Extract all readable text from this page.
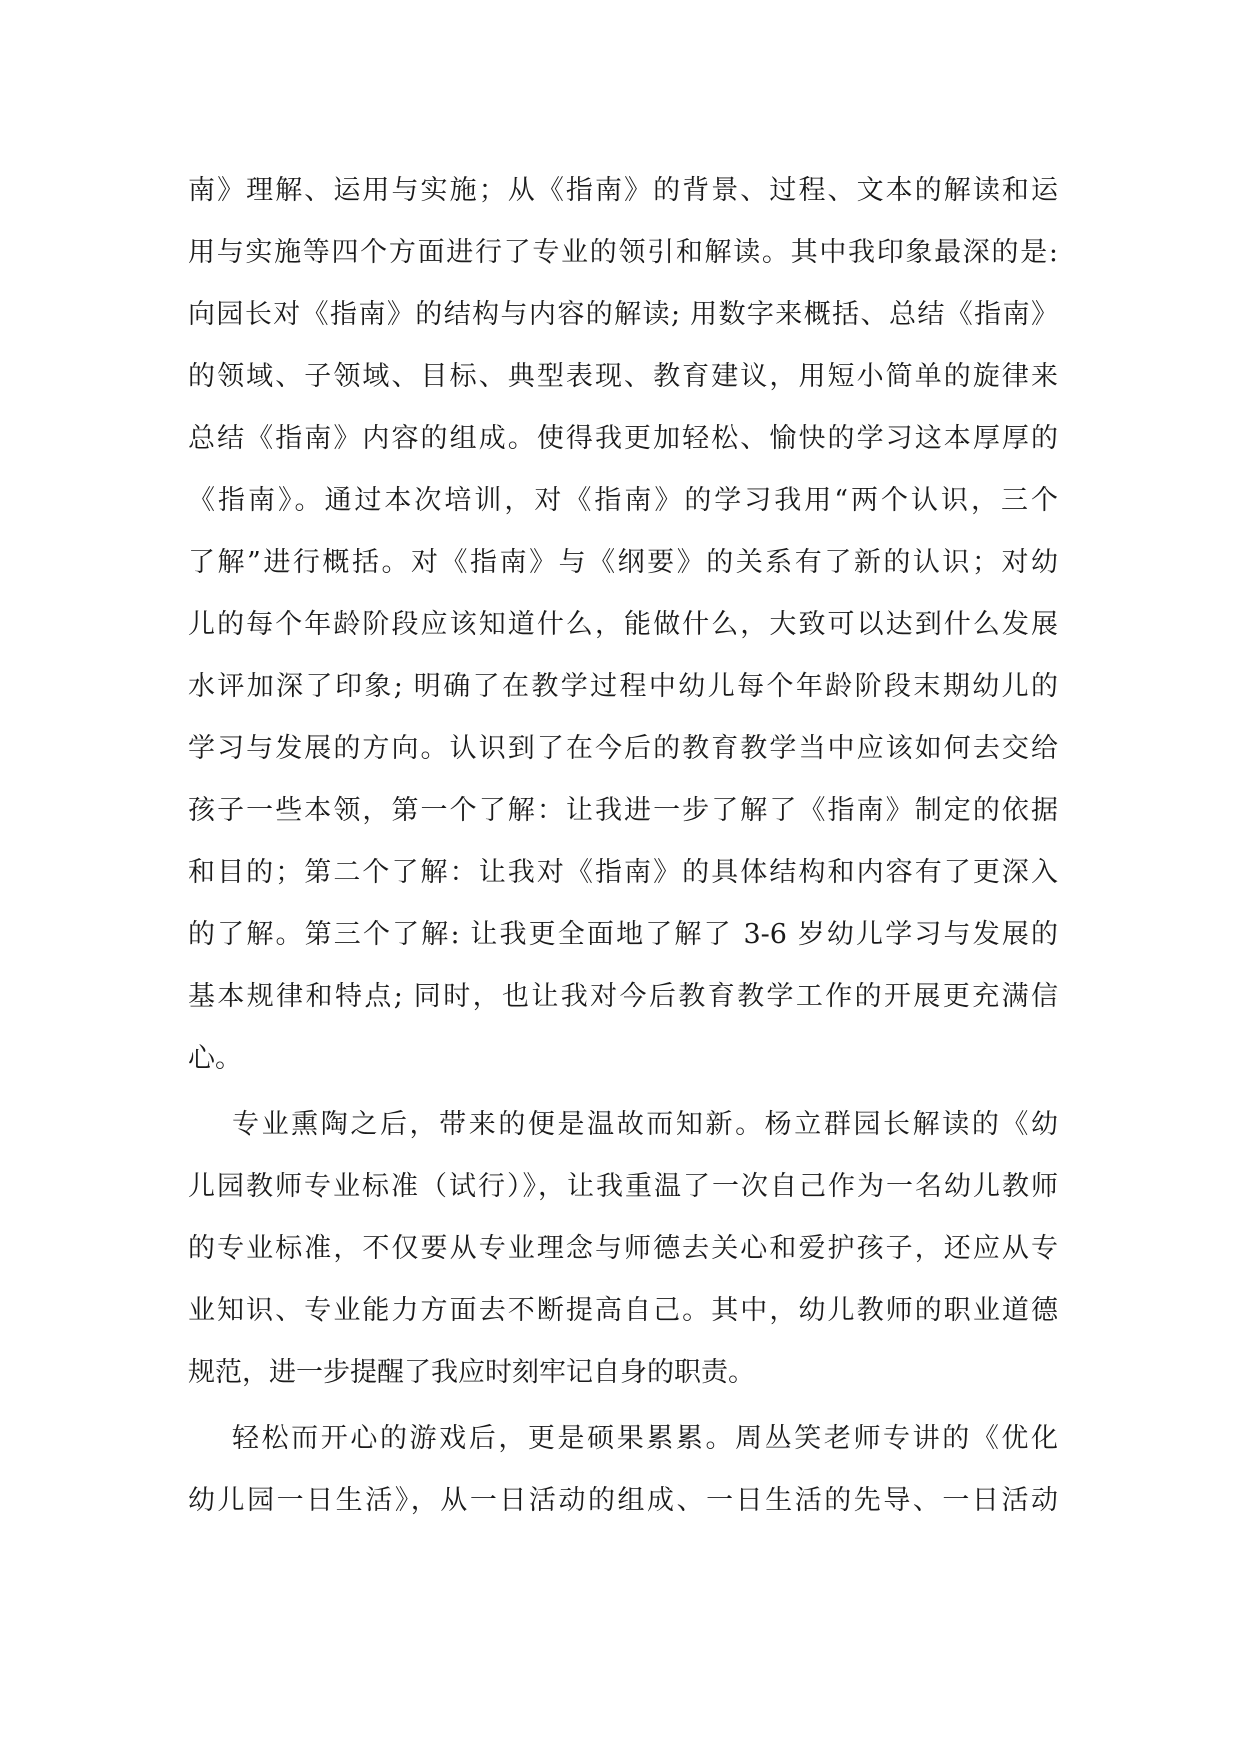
南》理解、运用与实施；从《指南》的背景、过程、文本的解读和运
用与实施等四个方面进行了专业的领引和解读。其中我印象最深的是:
向园长对《指南》的结构与内容的解读; 用数字来概括、总结《指南》
的领域、子领域、目标、典型表现、教育建议，用短小简单的旋律来
总结《指南》内容的组成。使得我更加轻松、愉快的学习这本厚厚的
《指南》。通过本次培训，对《指南》的学习我用“两个认识，三个
了解”进行概括。对《指南》与《纲要》的关系有了新的认识；对幼
儿的每个年龄阶段应该知道什么，能做什么，大致可以达到什么发展
水评加深了印象; 明确了在教学过程中幼儿每个年龄阶段末期幼儿的
学习与发展的方向。认识到了在今后的教育教学当中应该如何去交给
孩子一些本领，第一个了解：让我进一步了解了《指南》制定的依据
和目的；第二个了解：让我对《指南》的具体结构和内容有了更深入
的了解。第三个了解: 让我更全面地了解了 3-6 岁幼儿学习与发展的
基本规律和特点; 同时，也让我对今后教育教学工作的开展更充满信
心。
专业熏陶之后，带来的便是温故而知新。杨立群园长解读的《幼
儿园教师专业标准（试行）》，让我重温了一次自己作为一名幼儿教师
的专业标准，不仅要从专业理念与师德去关心和爱护孩子，还应从专
业知识、专业能力方面去不断提高自己。其中，幼儿教师的职业道德
规范，进一步提醒了我应时刻牢记自身的职责。
轻松而开心的游戏后，更是硕果累累。周丛笑老师专讲的《优化
幼儿园一日生活》，从一日活动的组成、一日生活的先导、一日活动
